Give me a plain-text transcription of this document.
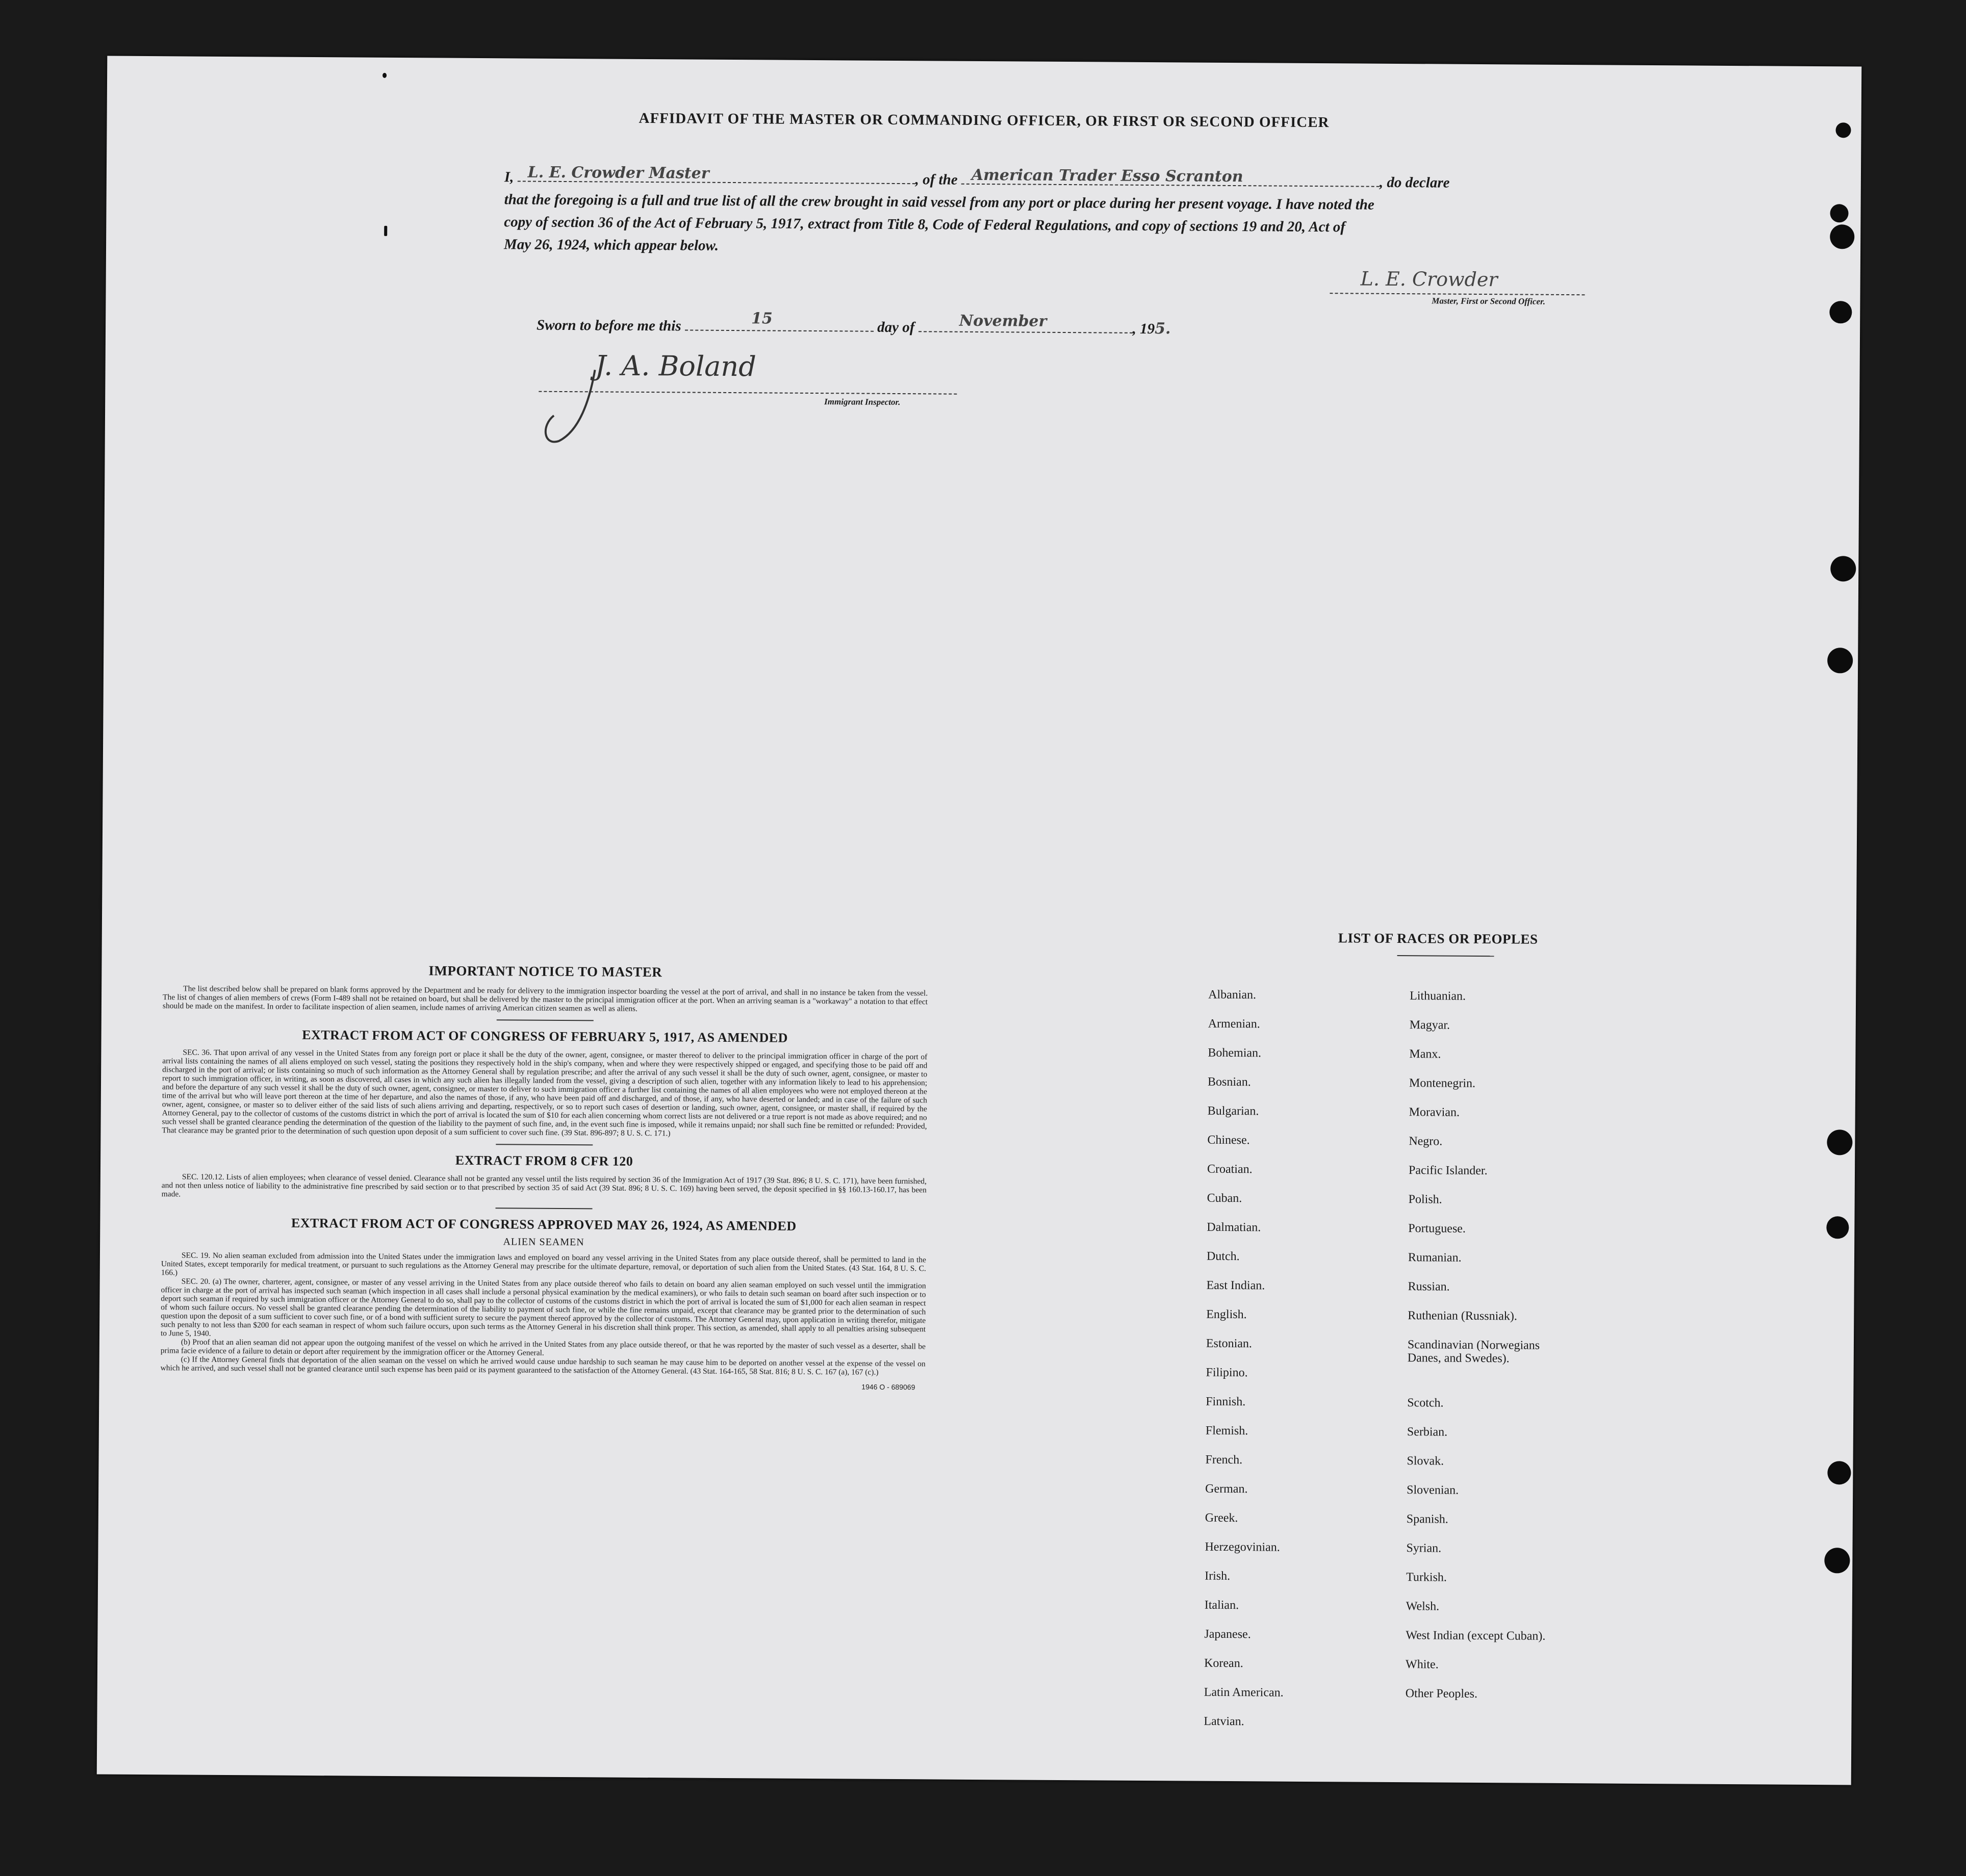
AFFIDAVIT OF THE MASTER OR COMMANDING OFFICER, OR FIRST OR SECOND OFFICER
I, L. E. Crowder Master	, of the American Trader Esso Scranton	, do declare
that the foregoing is a full and true list of all the crew brought in said vessel from any port or place during her present voyage. I have noted the
copy of section 36 of the Act of February 5, 1917, extract from Title 8, Code of Federal Regulations, and copy of sections 19 and 20, Act of
May 26, 1924, which appear below.
L. E. Crowder
Master, First or Second Officer.
Sworn to before me this	15	day of	November	, 195.
J. A. Boland
Immigrant Inspector.
IMPORTANT NOTICE TO MASTER

The list described below shall be prepared on blank forms approved by the Department and be ready for delivery to the immigration inspector boarding the vessel at the port of arrival, and shall in no instance be taken from the vessel. The list of changes of alien members of crews (Form I-489 shall not be retained on board, but shall be delivered by the master to the principal immigration officer at the port. When an arriving seaman is a "workaway" a notation to that effect should be made on the manifest. In order to facilitate inspection of alien seamen, include names of arriving American citizen seamen as well as aliens.

EXTRACT FROM ACT OF CONGRESS OF FEBRUARY 5, 1917, AS AMENDED

SEC. 36. That upon arrival of any vessel in the United States from any foreign port or place it shall be the duty of the owner, agent, consignee, or master thereof to deliver to the principal immigration officer in charge of the port of arrival lists containing the names of all aliens employed on such vessel, stating the positions they respectively hold in the ship's company, when and where they were respectively shipped or engaged, and specifying those to be paid off and discharged in the port of arrival; or lists containing so much of such information as the Attorney General shall by regulation prescribe; and after the arrival of any such vessel it shall be the duty of such owner, agent, consignee, or master to report to such immigration officer, in writing, as soon as discovered, all cases in which any such alien has illegally landed from the vessel, giving a description of such alien, together with any information likely to lead to his apprehension; and before the departure of any such vessel it shall be the duty of such owner, agent, consignee, or master to deliver to such immigration officer a further list containing the names of all alien employees who were not employed thereon at the time of the arrival but who will leave port thereon at the time of her departure, and also the names of those, if any, who have been paid off and discharged, and of those, if any, who have deserted or landed; and in case of the failure of such owner, agent, consignee, or master so to deliver either of the said lists of such aliens arriving and departing, respectively, or so to report such cases of desertion or landing, such owner, agent, consignee, or master shall, if required by the Attorney General, pay to the collector of customs of the customs district in which the port of arrival is located the sum of $10 for each alien concerning whom correct lists are not delivered or a true report is not made as above required; and no such vessel shall be granted clearance pending the determination of the question of the liability to the payment of such fine, and, in the event such fine is imposed, while it remains unpaid; nor shall such fine be remitted or refunded: Provided, That clearance may be granted prior to the determination of such question upon deposit of a sum sufficient to cover such fine. (39 Stat. 896-897; 8 U. S. C. 171.)

EXTRACT FROM 8 CFR 120

SEC. 120.12. Lists of alien employees; when clearance of vessel denied. Clearance shall not be granted any vessel until the lists required by section 36 of the Immigration Act of 1917 (39 Stat. 896; 8 U. S. C. 171), have been furnished, and not then unless notice of liability to the administrative fine prescribed by said section or to that prescribed by section 35 of said Act (39 Stat. 896; 8 U. S. C. 169) having been served, the deposit specified in §§ 160.13-160.17, has been made.

EXTRACT FROM ACT OF CONGRESS APPROVED MAY 26, 1924, AS AMENDED
ALIEN SEAMEN

SEC. 19. No alien seaman excluded from admission into the United States under the immigration laws and employed on board any vessel arriving in the United States from any place outside thereof, shall be permitted to land in the United States, except temporarily for medical treatment, or pursuant to such regulations as the Attorney General may prescribe for the ultimate departure, removal, or deportation of such alien from the United States. (43 Stat. 164, 8 U. S. C. 166.)

SEC. 20. (a) The owner, charterer, agent, consignee, or master of any vessel arriving in the United States from any place outside thereof who fails to detain on board any alien seaman employed on such vessel until the immigration officer in charge at the port of arrival has inspected such seaman (which inspection in all cases shall include a personal physical examination by the medical examiners), or who fails to detain such seaman on board after such inspection or to deport such seaman if required by such immigration officer or the Attorney General to do so, shall pay to the collector of customs of the customs district in which the port of arrival is located the sum of $1,000 for each alien seaman in respect of whom such failure occurs. No vessel shall be granted clearance pending the determination of the liability to payment of such fine, or while the fine remains unpaid, except that clearance may be granted prior to the determination of such question upon the deposit of a sum sufficient to cover such fine, or of a bond with sufficient surety to secure the payment thereof approved by the collector of customs. The Attorney General may, upon application in writing therefor, mitigate such penalty to not less than $200 for each seaman in respect of whom such failure occurs, upon such terms as the Attorney General in his discretion shall think proper. This section, as amended, shall apply to all penalties arising subsequent to June 5, 1940.

(b) Proof that an alien seaman did not appear upon the outgoing manifest of the vessel on which he arrived in the United States from any place outside thereof, or that he was reported by the master of such vessel as a deserter, shall be prima facie evidence of a failure to detain or deport after requirement by the immigration officer or the Attorney General.

(c) If the Attorney General finds that deportation of the alien seaman on the vessel on which he arrived would cause undue hardship to such seaman he may cause him to be deported on another vessel at the expense of the vessel on which he arrived, and such vessel shall not be granted clearance until such expense has been paid or its payment guaranteed to the satisfaction of the Attorney General. (43 Stat. 164-165, 58 Stat. 816; 8 U. S. C. 167 (a), 167 (c).)

1946 O - 689069
LIST OF RACES OR PEOPLES
Albanian.
Armenian.
Bohemian.
Bosnian.
Bulgarian.
Chinese.
Croatian.
Cuban.
Dalmatian.
Dutch.
East Indian.
English.
Estonian.
Filipino.
Finnish.
Flemish.
French.
German.
Greek.
Herzegovinian.
Irish.
Italian.
Japanese.
Korean.
Latin American.
Latvian.
Lithuanian.
Magyar.
Manx.
Montenegrin.
Moravian.
Negro.
Pacific Islander.
Polish.
Portuguese.
Rumanian.
Russian.
Ruthenian (Russniak).
Scandinavian (Norwegians
Danes, and Swedes).
Scotch.
Serbian.
Slovak.
Slovenian.
Spanish.
Syrian.
Turkish.
Welsh.
West Indian (except Cuban).
White.
Other Peoples.
